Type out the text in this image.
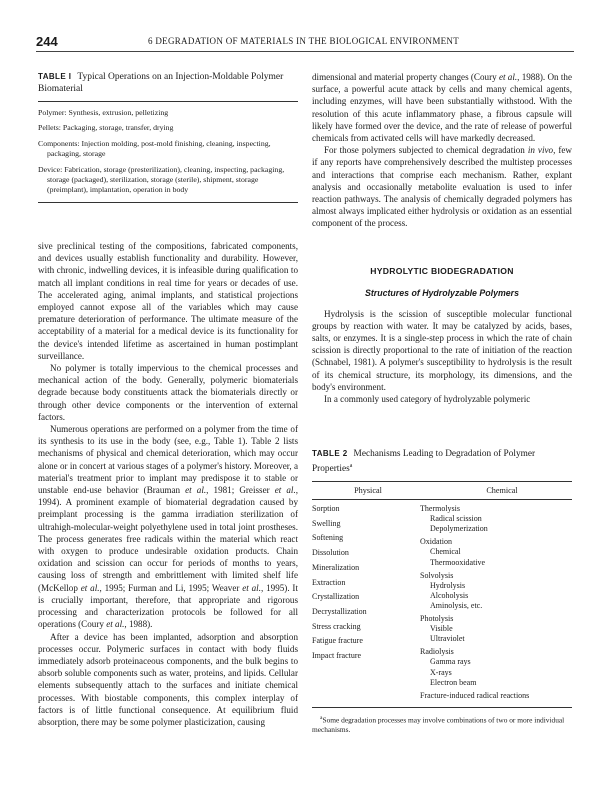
244	6 DEGRADATION OF MATERIALS IN THE BIOLOGICAL ENVIRONMENT
TABLE I Typical Operations on an Injection-Moldable Polymer Biomaterial
Polymer: Synthesis, extrusion, pelletizing
Pellets: Packaging, storage, transfer, drying
Components: Injection molding, post-mold finishing, cleaning, inspecting, packaging, storage
Device: Fabrication, storage (presterilization), cleaning, inspecting, packaging, storage (packaged), sterilization, storage (sterile), shipment, storage (preimplant), implantation, operation in body

sive preclinical testing of the compositions, fabricated components, and devices usually establish functionality and durability. However, with chronic, indwelling devices, it is infeasible during qualification to match all implant conditions in real time for years or decades of use. The accelerated aging, animal implants, and statistical projections employed cannot expose all of the variables which may cause premature deterioration of performance. The ultimate measure of the acceptability of a material for a medical device is its functionality for the device's intended lifetime as ascertained in human postimplant surveillance.

No polymer is totally impervious to the chemical processes and mechanical action of the body. Generally, polymeric biomaterials degrade because body constituents attack the biomaterials directly or through other device components or the intervention of external factors.

Numerous operations are performed on a polymer from the time of its synthesis to its use in the body (see, e.g., Table 1). Table 2 lists mechanisms of physical and chemical deterioration, which may occur alone or in concert at various stages of a polymer's history. Moreover, a material's treatment prior to implant may predispose it to stable or unstable end-use behavior (Brauman et al., 1981; Greisser et al., 1994). A prominent example of biomaterial degradation caused by preimplant processing is the gamma irradiation sterilization of ultrahigh-molecular-weight polyethylene used in total joint prostheses. The process generates free radicals within the material which react with oxygen to produce undesirable oxidation products. Chain oxidation and scission can occur for periods of months to years, causing loss of strength and embrittlement with limited shelf life (McKellop et al., 1995; Furman and Li, 1995; Weaver et al., 1995). It is crucially important, therefore, that appropriate and rigorous processing and characterization protocols be followed for all operations (Coury et al., 1988).

After a device has been implanted, adsorption and absorption processes occur. Polymeric surfaces in contact with body fluids immediately adsorb proteinaceous components, and the bulk begins to absorb soluble components such as water, proteins, and lipids. Cellular elements subsequently attach to the surfaces and initiate chemical processes. With biostable components, this complex interplay of factors is of little functional consequence. At equilibrium fluid absorption, there may be some polymer plasticization, causing

dimensional and material property changes (Coury et al., 1988). On the surface, a powerful acute attack by cells and many chemical agents, including enzymes, will have been substantially withstood. With the resolution of this acute inflammatory phase, a fibrous capsule will likely have formed over the device, and the rate of release of powerful chemicals from activated cells will have markedly decreased.

For those polymers subjected to chemical degradation in vivo, few if any reports have comprehensively described the multistep processes and interactions that comprise each mechanism. Rather, explant analysis and occasionally metabolite evaluation is used to infer reaction pathways. The analysis of chemically degraded polymers has almost always implicated either hydrolysis or oxidation as an essential component of the process.

HYDROLYTIC BIODEGRADATION
Structures of Hydrolyzable Polymers

Hydrolysis is the scission of susceptible molecular functional groups by reaction with water. It may be catalyzed by acids, bases, salts, or enzymes. It is a single-step process in which the rate of chain scission is directly proportional to the rate of initiation of the reaction (Schnabel, 1981). A polymer's susceptibility to hydrolysis is the result of its chemical structure, its morphology, its dimensions, and the body's environment.

In a commonly used category of hydrolyzable polymeric

TABLE 2 Mechanisms Leading to Degradation of Polymer Properties$^a$
Physical	Chemical
Sorption
Swelling
Softening
Dissolution
Mineralization
Extraction
Crystallization
Decrystallization
Stress cracking
Fatigue fracture
Impact fracture
Thermolysis
Radical scission
Depolymerization
Oxidation
Chemical
Thermooxidative
Solvolysis
Hydrolysis
Alcoholysis
Aminolysis, etc.
Photolysis
Visible
Ultraviolet
Radiolysis
Gamma rays
X-rays
Electron beam
Fracture-induced radical reactions
$^a$Some degradation processes may involve combinations of two or more individual mechanisms.
